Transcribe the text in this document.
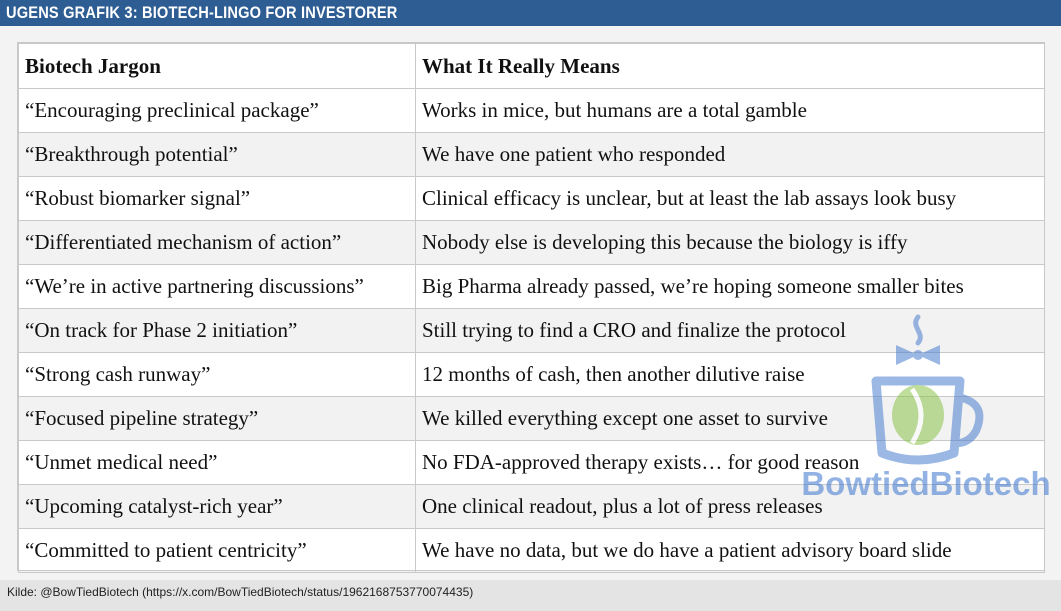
UGENS GRAFIK 3: BIOTECH-LINGO FOR INVESTORER
Biotech Jargon	What It Really Means
“Encouraging preclinical package”	Works in mice, but humans are a total gamble
“Breakthrough potential”	We have one patient who responded
“Robust biomarker signal”	Clinical efficacy is unclear, but at least the lab assays look busy
“Differentiated mechanism of action”	Nobody else is developing this because the biology is iffy
“We’re in active partnering discussions”	Big Pharma already passed, we’re hoping someone smaller bites
“On track for Phase 2 initiation”	Still trying to find a CRO and finalize the protocol
“Strong cash runway”	12 months of cash, then another dilutive raise
“Focused pipeline strategy”	We killed everything except one asset to survive
“Unmet medical need”	No FDA-approved therapy exists… for good reason
“Upcoming catalyst-rich year”	One clinical readout, plus a lot of press releases
“Committed to patient centricity”	We have no data, but we do have a patient advisory board slide
BowtiedBiotech
Kilde: @BowTiedBiotech (https://x.com/BowTiedBiotech/status/1962168753770074435)
